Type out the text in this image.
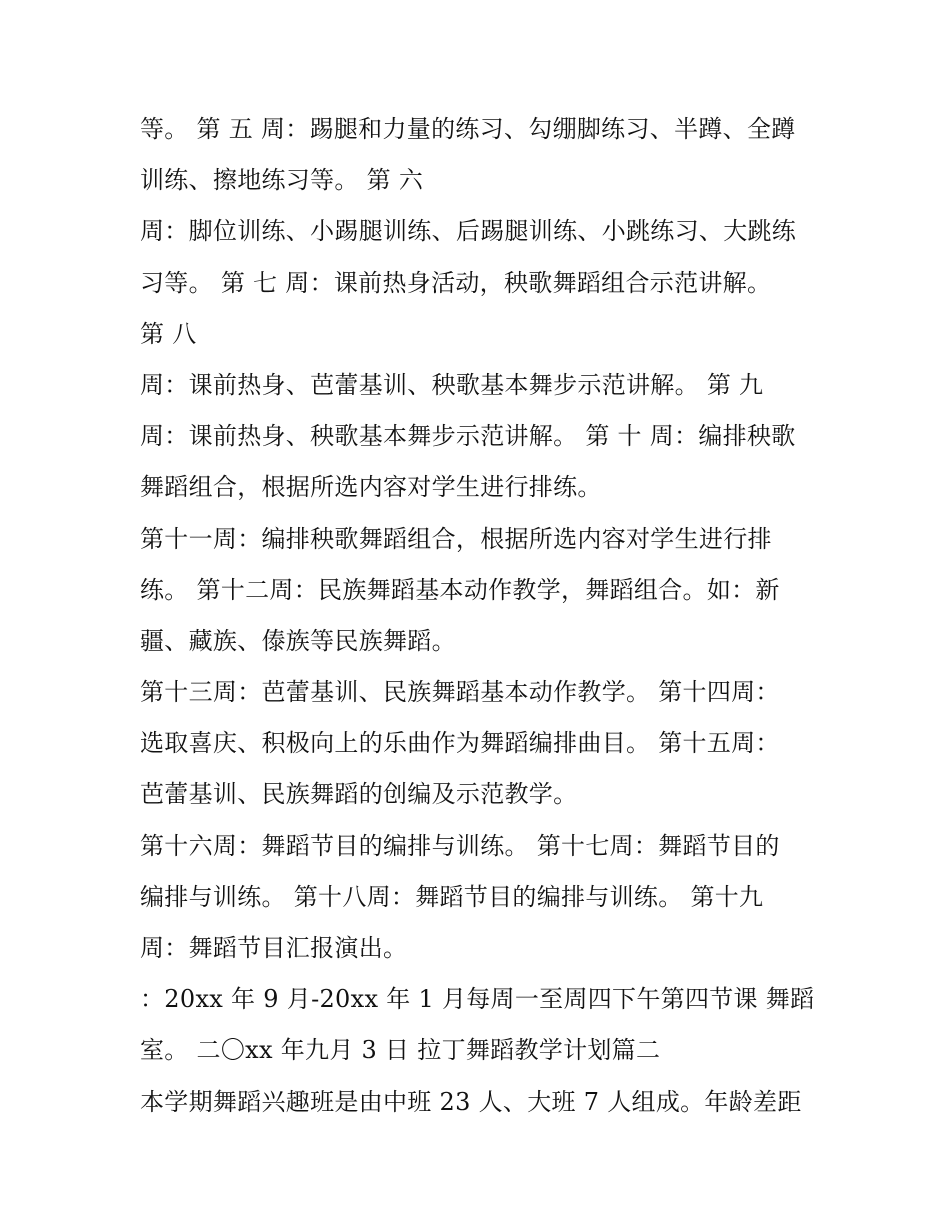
等。 第 五 周：踢腿和力量的练习、勾绷脚练习、半蹲、全蹲
训练、擦地练习等。 第 六
周：脚位训练、小踢腿训练、后踢腿训练、小跳练习、大跳练
习等。 第 七 周：课前热身活动，秧歌舞蹈组合示范讲解。
第 八
周：课前热身、芭蕾基训、秧歌基本舞步示范讲解。 第 九
周：课前热身、秧歌基本舞步示范讲解。 第 十 周：编排秧歌
舞蹈组合，根据所选内容对学生进行排练。
第十一周：编排秧歌舞蹈组合，根据所选内容对学生进行排
练。 第十二周：民族舞蹈基本动作教学，舞蹈组合。如：新
疆、藏族、傣族等民族舞蹈。
第十三周：芭蕾基训、民族舞蹈基本动作教学。 第十四周：
选取喜庆、积极向上的乐曲作为舞蹈编排曲目。 第十五周：
芭蕾基训、民族舞蹈的创编及示范教学。
第十六周：舞蹈节目的编排与训练。 第十七周：舞蹈节目的
编排与训练。 第十八周：舞蹈节目的编排与训练。 第十九
周：舞蹈节目汇报演出。
：20xx 年 9 月-20xx 年 1 月每周一至周四下午第四节课 舞蹈
室。 二〇xx 年九月 3 日 拉丁舞蹈教学计划篇二
本学期舞蹈兴趣班是由中班 23 人、大班 7 人组成。年龄差距
